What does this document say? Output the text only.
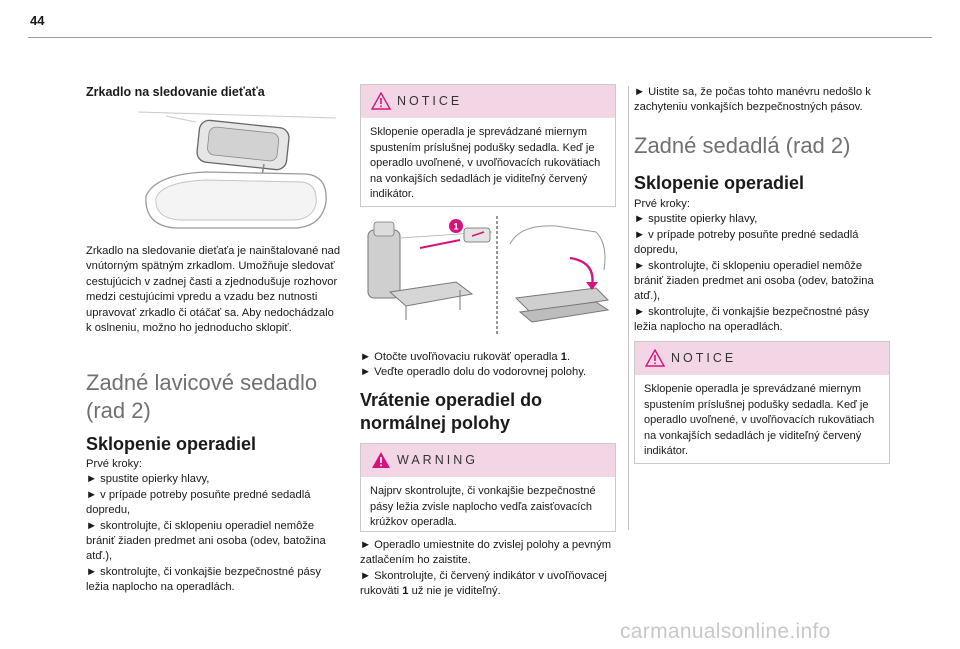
44
Zrkadlo na sledovanie dieťaťa
Zrkadlo na sledovanie dieťaťa je nainštalované nad vnútorným spätným zrkadlom. Umožňuje sledovať cestujúcich v zadnej časti a zjednodušuje rozhovor medzi cestujúcimi vpredu a vzadu bez nutnosti upravovať zrkadlo či otáčať sa. Aby nedochádzalo k oslneniu, možno ho jednoducho sklopiť.
Zadné lavicové sedadlo (rad 2)
Sklopenie operadiel
Prvé kroky:
► spustite opierky hlavy,
► v prípade potreby posuňte predné sedadlá dopredu,
► skontrolujte, či sklopeniu operadiel nemôže brániť žiaden predmet ani osoba (odev, batožina atď.),
► skontrolujte, či vonkajšie bezpečnostné pásy ležia naplocho na operadlách.
NOTICE
Sklopenie operadla je sprevádzané miernym spustením príslušnej podušky sedadla. Keď je operadlo uvoľnené, v uvoľňovacích rukovätiach na vonkajších sedadlách je viditeľný červený indikátor.
1
► Otočte uvoľňovaciu rukoväť operadla 1.
► Veďte operadlo dolu do vodorovnej polohy.
Vrátenie operadiel do normálnej polohy
WARNING
Najprv skontrolujte, či vonkajšie bezpečnostné pásy ležia zvisle naplocho vedľa zaisťovacích krúžkov operadla.
► Operadlo umiestnite do zvislej polohy a pevným zatlačením ho zaistite.
► Skontrolujte, či červený indikátor v uvoľňovacej rukoväti 1 už nie je viditeľný.
► Uistite sa, že počas tohto manévru nedošlo k zachyteniu vonkajších bezpečnostných pásov.
Zadné sedadlá (rad 2)
Sklopenie operadiel
Prvé kroky:
► spustite opierky hlavy,
► v prípade potreby posuňte predné sedadlá dopredu,
► skontrolujte, či sklopeniu operadiel nemôže brániť žiaden predmet ani osoba (odev, batožina atď.),
► skontrolujte, či vonkajšie bezpečnostné pásy ležia naplocho na operadlách.
NOTICE
Sklopenie operadla je sprevádzané miernym spustením príslušnej podušky sedadla. Keď je operadlo uvoľnené, v uvoľňovacích rukovätiach na vonkajších sedadlách je viditeľný červený indikátor.
carmanualsonline.info
